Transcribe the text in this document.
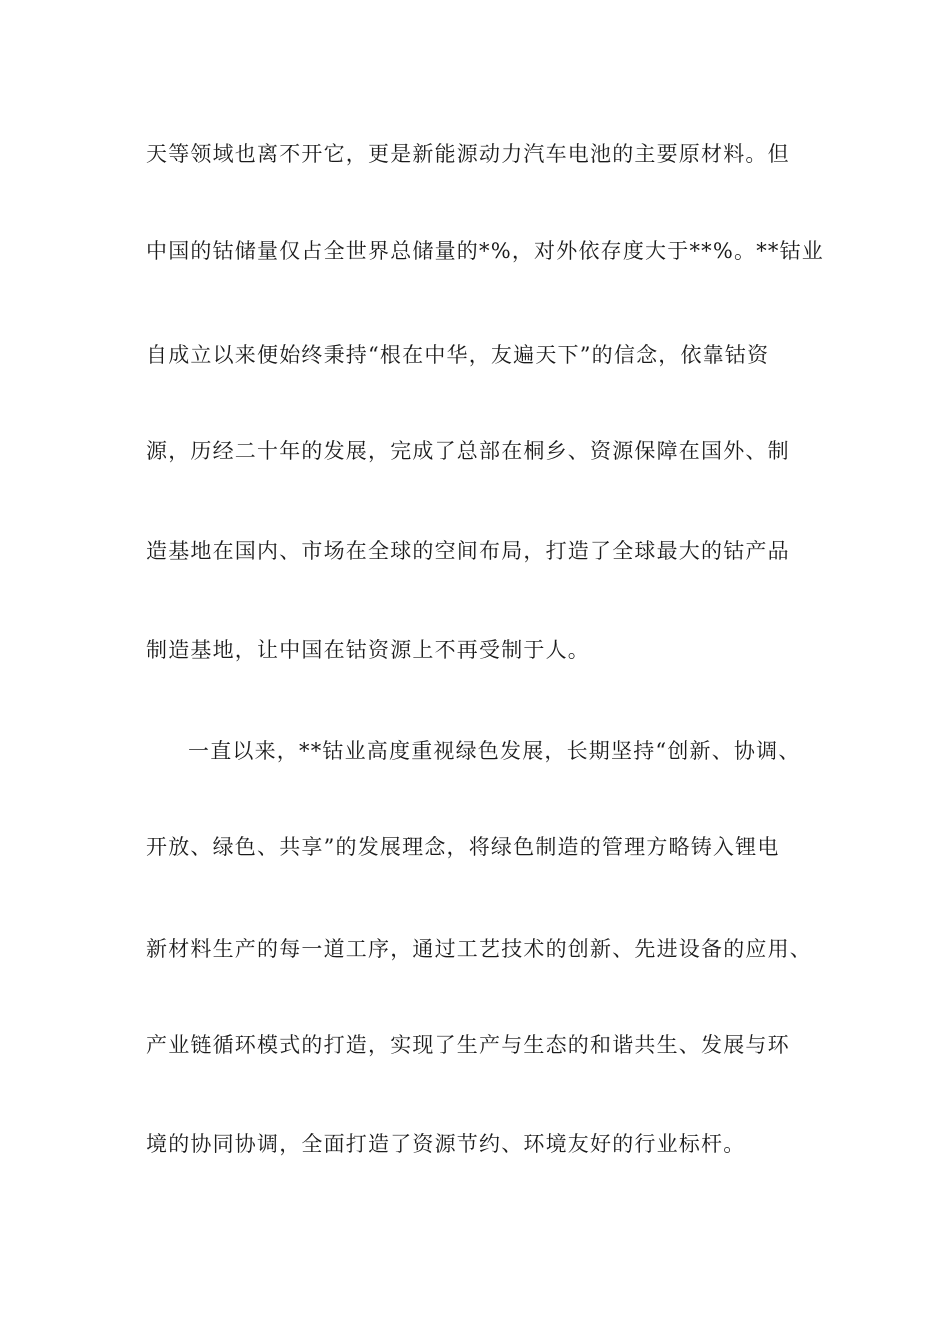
天等领域也离不开它，更是新能源动力汽车电池的主要原材料。但
中国的钴储量仅占全世界总储量的*%，对外依存度大于**%。**钴业
自成立以来便始终秉持“根在中华，友遍天下”的信念，依靠钴资
源，历经二十年的发展，完成了总部在桐乡、资源保障在国外、制
造基地在国内、市场在全球的空间布局，打造了全球最大的钴产品
制造基地，让中国在钴资源上不再受制于人。
一直以来，**钴业高度重视绿色发展，长期坚持“创新、协调、
开放、绿色、共享”的发展理念，将绿色制造的管理方略铸入锂电
新材料生产的每一道工序，通过工艺技术的创新、先进设备的应用、
产业链循环模式的打造，实现了生产与生态的和谐共生、发展与环
境的协同协调，全面打造了资源节约、环境友好的行业标杆。
